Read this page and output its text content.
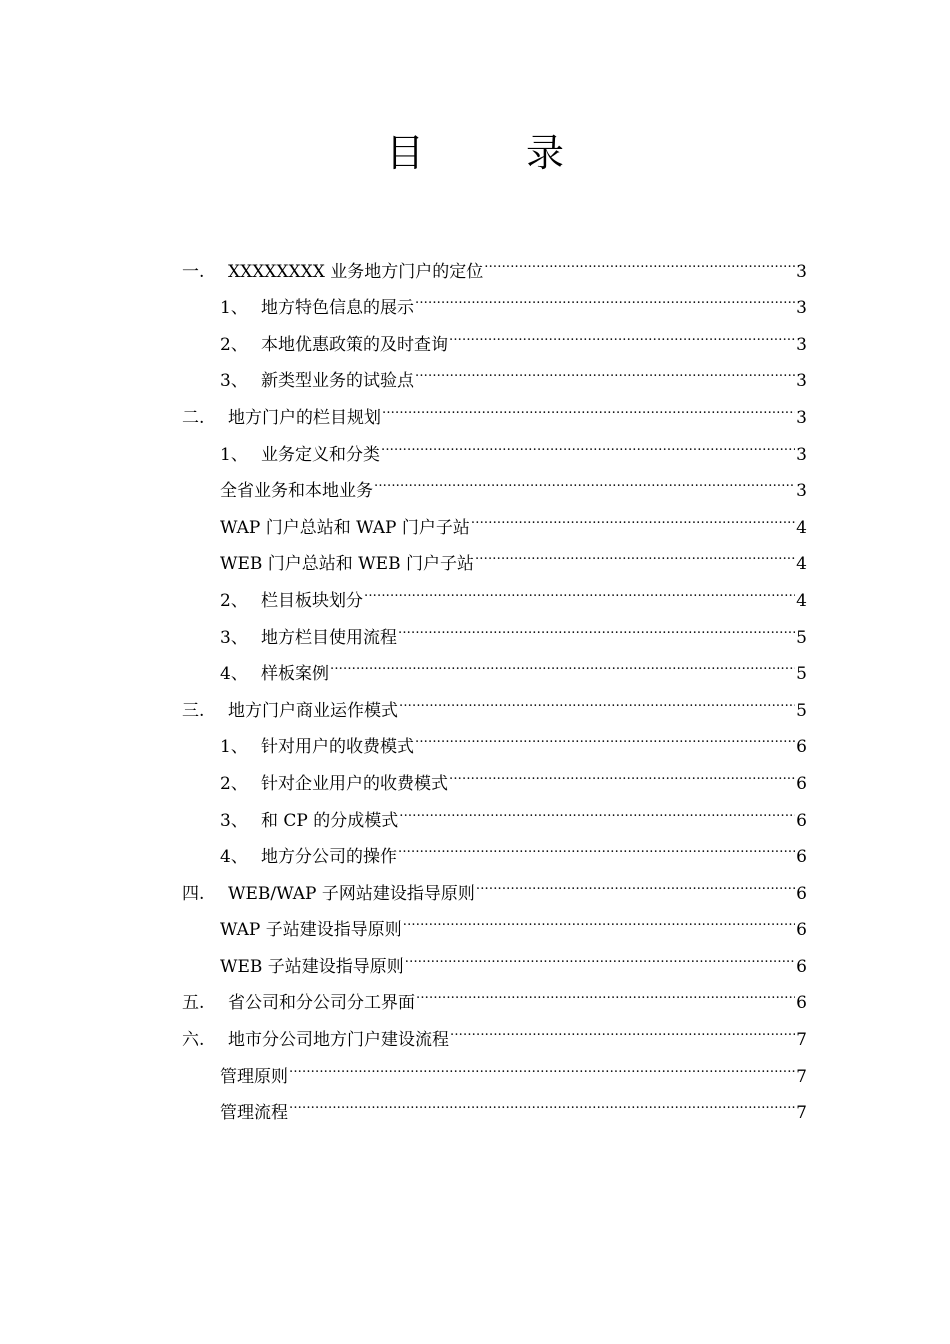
目　录
一.	XXXXXXXX 业务地方门户的定位 .....	3
1、 地方特色信息的展示 .....	3
2、 本地优惠政策的及时查询 .....	3
3、 新类型业务的试验点 .....	3
二.	地方门户的栏目规划 .....	3
1、 业务定义和分类 .....	3
全省业务和本地业务 .....	3
WAP 门户总站和 WAP 门户子站 .....	4
WEB 门户总站和 WEB 门户子站 .....	4
2、 栏目板块划分 .....	4
3、 地方栏目使用流程 .....	5
4、 样板案例 .....	5
三.	地方门户商业运作模式 .....	5
1、 针对用户的收费模式 .....	6
2、 针对企业用户的收费模式 .....	6
3、 和 CP 的分成模式 .....	6
4、 地方分公司的操作 .....	6
四.	WEB/WAP 子网站建设指导原则 .....	6
WAP 子站建设指导原则 .....	6
WEB 子站建设指导原则 .....	6
五.	省公司和分公司分工界面 .....	6
六.	地市分公司地方门户建设流程 .....	7
管理原则 .....	7
管理流程 .....	7
